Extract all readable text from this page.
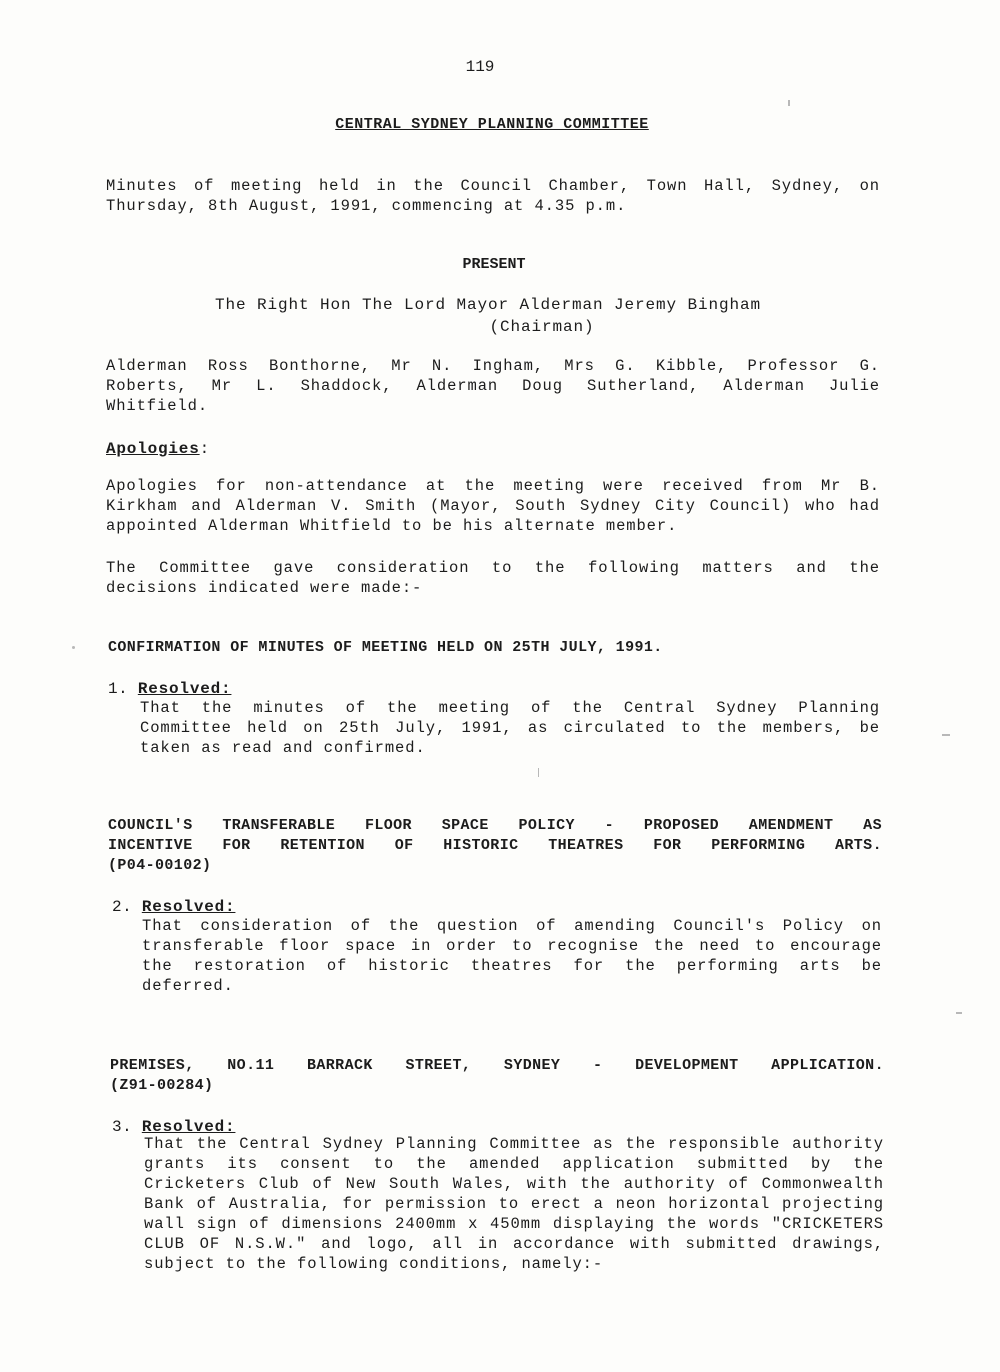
119
CENTRAL SYDNEY PLANNING COMMITTEE
Minutes of meeting held in the Council Chamber, Town Hall, Sydney, on
Thursday, 8th August, 1991, commencing at 4.35 p.m.
PRESENT
The Right Hon The Lord Mayor Alderman Jeremy Bingham
(Chairman)
Alderman Ross Bonthorne, Mr N. Ingham, Mrs G. Kibble, Professor G.
Roberts, Mr L. Shaddock, Alderman Doug Sutherland, Alderman Julie
Whitfield.
Apologies:
Apologies for non-attendance at the meeting were received from Mr B.
Kirkham and Alderman V. Smith (Mayor, South Sydney City Council) who had
appointed Alderman Whitfield to be his alternate member.
The Committee gave consideration to the following matters and the
decisions indicated were made:-
CONFIRMATION OF MINUTES OF MEETING HELD ON 25TH JULY, 1991.
1. Resolved:
That the minutes of the meeting of the Central Sydney Planning
Committee held on 25th July, 1991, as circulated to the members, be
taken as read and confirmed.
COUNCIL'S TRANSFERABLE FLOOR SPACE POLICY - PROPOSED AMENDMENT AS
INCENTIVE FOR RETENTION OF HISTORIC THEATRES FOR PERFORMING ARTS.
(P04-00102)
2. Resolved:
That consideration of the question of amending Council's Policy on
transferable floor space in order to recognise the need to encourage
the restoration of historic theatres for the performing arts be
deferred.
PREMISES, NO.11 BARRACK STREET, SYDNEY - DEVELOPMENT APPLICATION.
(Z91-00284)
3. Resolved:
That the Central Sydney Planning Committee as the responsible authority
grants its consent to the amended application submitted by the
Cricketers Club of New South Wales, with the authority of Commonwealth
Bank of Australia, for permission to erect a neon horizontal projecting
wall sign of dimensions 2400mm x 450mm displaying the words "CRICKETERS
CLUB OF N.S.W." and logo, all in accordance with submitted drawings,
subject to the following conditions, namely:-
